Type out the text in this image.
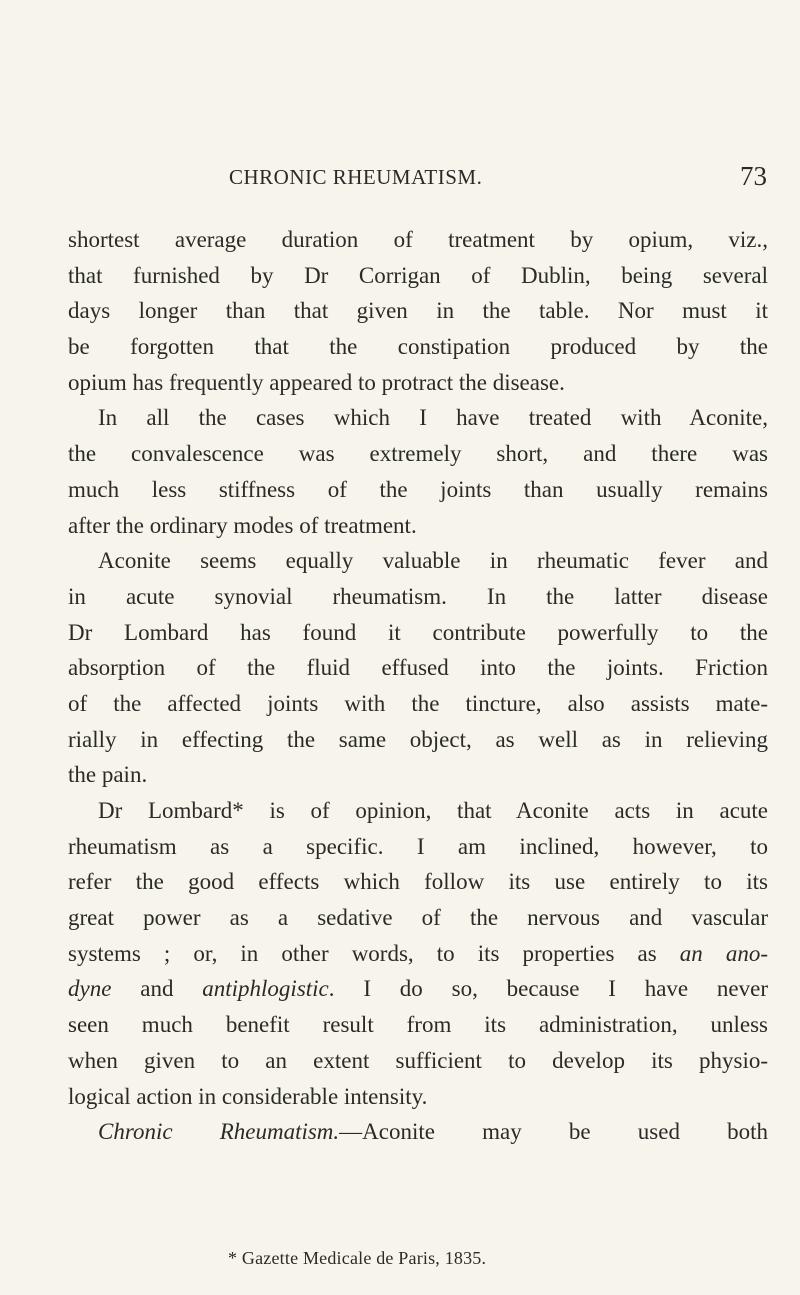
CHRONIC RHEUMATISM.	73
shortest average duration of treatment by opium, viz.,
that furnished by Dr Corrigan of Dublin, being several
days longer than that given in the table. Nor must it
be forgotten that the constipation produced by the
opium has frequently appeared to protract the disease.
In all the cases which I have treated with Aconite,
the convalescence was extremely short, and there was
much less stiffness of the joints than usually remains
after the ordinary modes of treatment.
Aconite seems equally valuable in rheumatic fever and
in acute synovial rheumatism. In the latter disease
Dr Lombard has found it contribute powerfully to the
absorption of the fluid effused into the joints. Friction
of the affected joints with the tincture, also assists mate-
rially in effecting the same object, as well as in relieving
the pain.
Dr Lombard* is of opinion, that Aconite acts in acute
rheumatism as a specific. I am inclined, however, to
refer the good effects which follow its use entirely to its
great power as a sedative of the nervous and vascular
systems ; or, in other words, to its properties as an ano-
dyne and antiphlogistic. I do so, because I have never
seen much benefit result from its administration, unless
when given to an extent sufficient to develop its physio-
logical action in considerable intensity.
Chronic Rheumatism.—Aconite may be used both
* Gazette Medicale de Paris, 1835.
